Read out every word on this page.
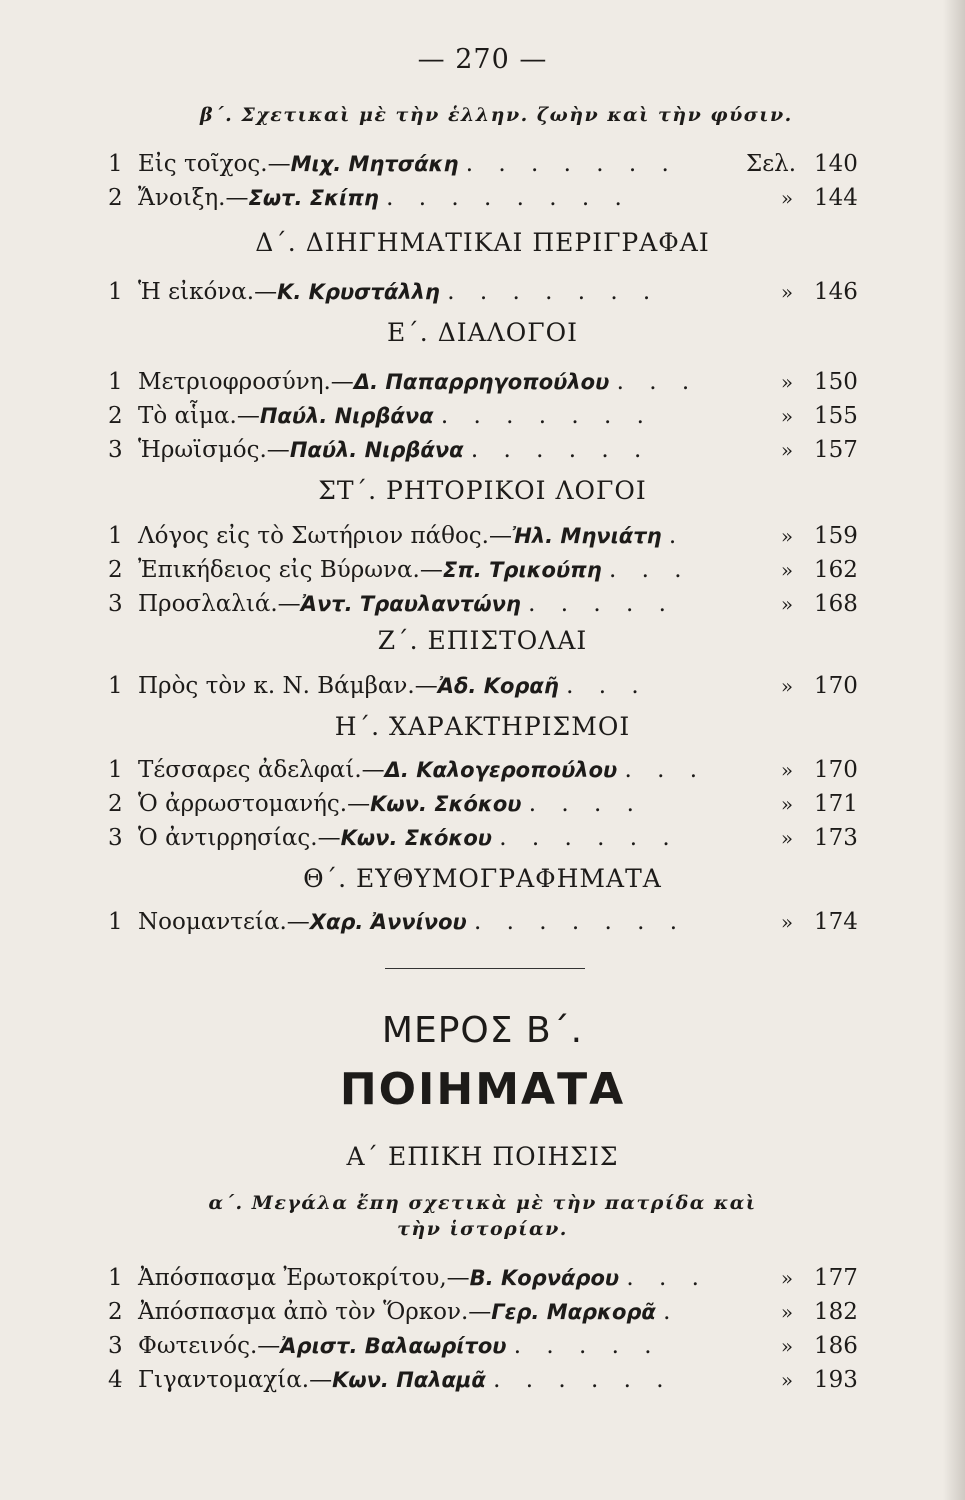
— 270 —
β΄. Σχετικαὶ μὲ τὴν ἑλλην. ζωὴν καὶ τὴν φύσιν.
1 Εἰς τοῖχος.—Μιχ. Μητσάκη . . . . . . .	Σελ. 140
2 Ἄνοιξη.—Σωτ. Σκίπη . . . . . . . .	» 144
Δ΄. ΔΙΗΓΗΜΑΤΙΚΑΙ ΠΕΡΙΓΡΑΦΑΙ
1 Ἡ εἰκόνα.—Κ. Κρυστάλλη . . . . . . .	» 146
Ε΄. ΔΙΑΛΟΓΟΙ
1 Μετριοφροσύνη.—Δ. Παπαρρηγοπούλου . . .	» 150
2 Τὸ αἷμα.—Παύλ. Νιρβάνα . . . . . . .	» 155
3 Ἡρωϊσμός.—Παύλ. Νιρβάνα . . . . . .	» 157
ΣΤ΄. ΡΗΤΟΡΙΚΟΙ ΛΟΓΟΙ
1 Λόγος εἰς τὸ Σωτήριον πάθος.—Ἠλ. Μηνιάτη .	» 159
2 Ἐπικήδειος εἰς Βύρωνα.—Σπ. Τρικούπη . . .	» 162
3 Προσλαλιά.—Ἀντ. Τραυλαντώνη . . . . .	» 168
Ζ΄. ΕΠΙΣΤΟΛΑΙ
1 Πρὸς τὸν κ. Ν. Βάμβαν.—Ἀδ. Κοραῆ . . .	» 170
Η΄. ΧΑΡΑΚΤΗΡΙΣΜΟΙ
1 Τέσσαρες ἀδελφαί.—Δ. Καλογεροπούλου . . .	» 170
2 Ὁ ἀρρωστομανής.—Κων. Σκόκου . . . .	» 171
3 Ὁ ἀντιρρησίας.—Κων. Σκόκου . . . . . .	» 173
Θ΄. ΕΥΘΥΜΟΓΡΑΦΗΜΑΤΑ
1 Νοομαντεία.—Χαρ. Ἀννίνου . . . . . . .	» 174
ΜΕΡΟΣ Β΄.
ΠΟΙΗΜΑΤΑ
Α΄ ΕΠΙΚΗ ΠΟΙΗΣΙΣ
α΄. Μεγάλα ἔπη σχετικὰ μὲ τὴν πατρίδα καὶ
τὴν ἱστορίαν.
1 Ἀπόσπασμα Ἐρωτοκρίτου,—Β. Κορνάρου . . .	» 177
2 Ἀπόσπασμα ἀπὸ τὸν Ὅρκον.—Γερ. Μαρκορᾶ .	» 182
3 Φωτεινός.—Ἀριστ. Βαλαωρίτου . . . . .	» 186
4 Γιγαντομαχία.—Κων. Παλαμᾶ . . . . . .	» 193
